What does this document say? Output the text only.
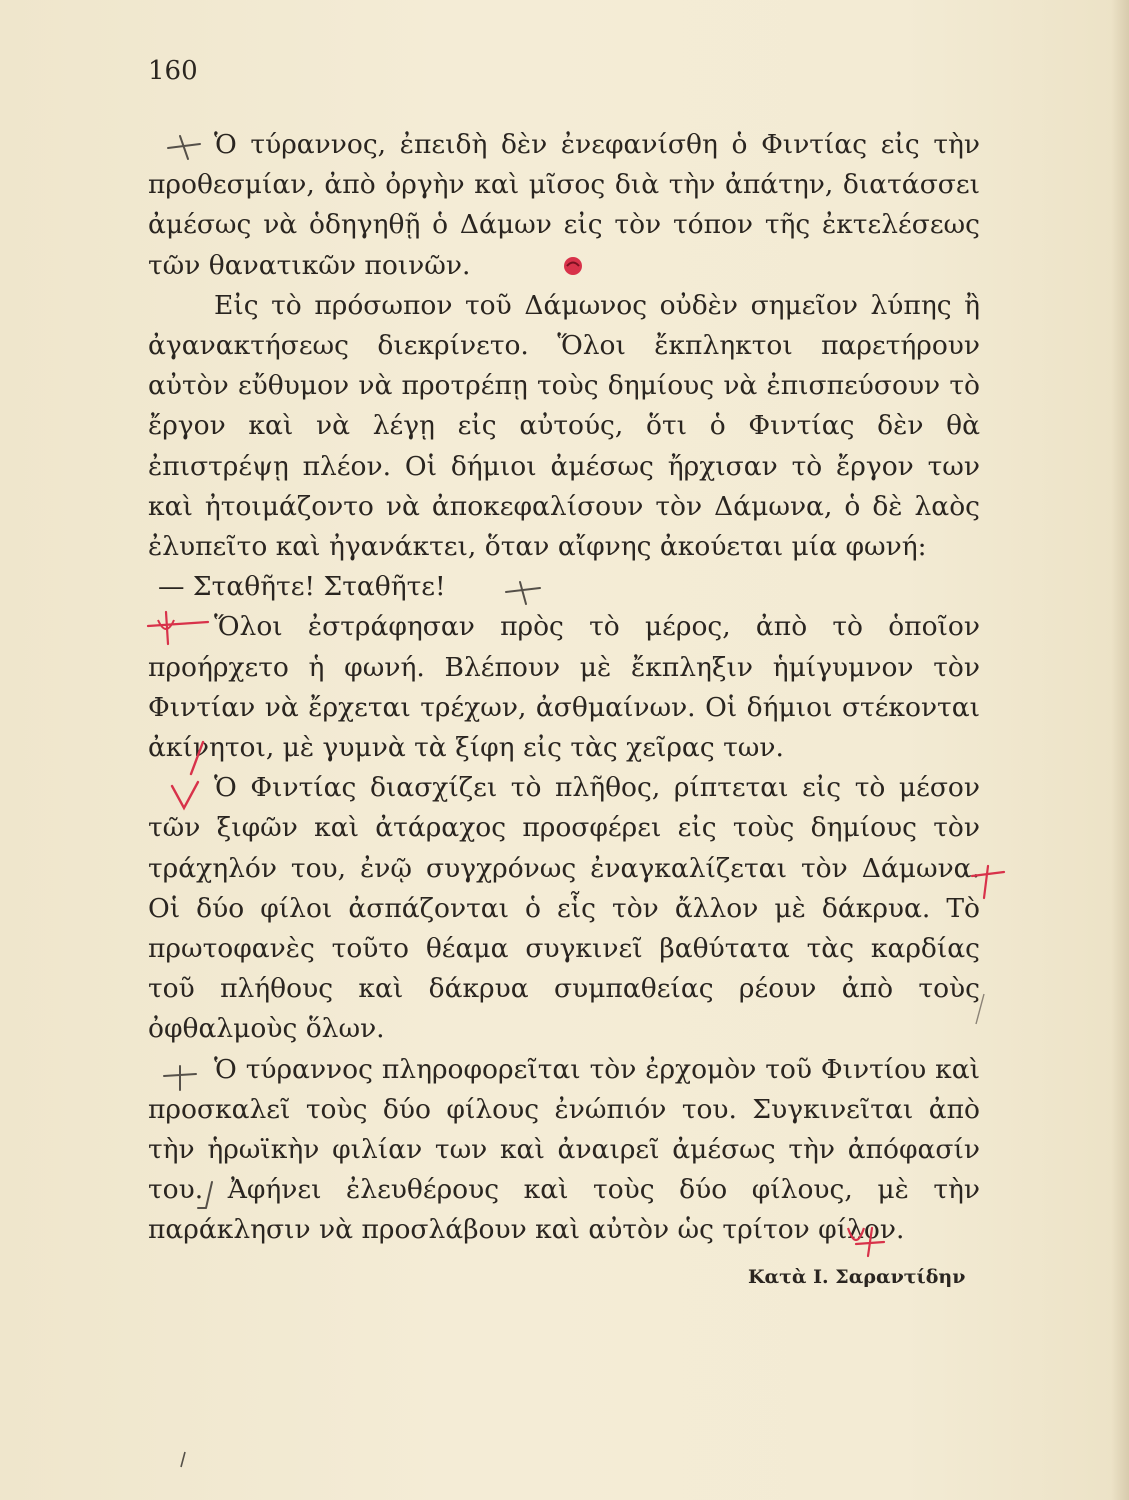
160

Ὁ τύραννος, ἐπειδὴ δὲν ἐνεφανίσθη ὁ Φιντίας εἰς τὴν προθεσμίαν, ἀπὸ ὀργὴν καὶ μῖσος διὰ τὴν ἀπάτην, διατάσσει ἀμέσως νὰ ὁδηγηθῇ ὁ Δάμων εἰς τὸν τόπον τῆς ἐκτελέσεως τῶν θανατικῶν ποινῶν.

Εἰς τὸ πρόσωπον τοῦ Δάμωνος οὐδὲν σημεῖον λύπης ἢ ἀγανακτήσεως διεκρίνετο. Ὅλοι ἔκπληκτοι παρετήρουν αὐτὸν εὔθυμον νὰ προτρέπῃ τοὺς δημίους νὰ ἐπισπεύσουν τὸ ἔργον καὶ νὰ λέγῃ εἰς αὐτούς, ὅτι ὁ Φιντίας δὲν θὰ ἐπιστρέψῃ πλέον. Οἱ δήμιοι ἀμέσως ἤρχισαν τὸ ἔργον των καὶ ἠτοιμάζοντο νὰ ἀποκεφαλίσουν τὸν Δάμωνα, ὁ δὲ λαὸς ἐλυπεῖτο καὶ ἠγανάκτει, ὅταν αἴφνης ἀκούεται μία φωνή:

— Σταθῆτε! Σταθῆτε!

Ὅλοι ἐστράφησαν πρὸς τὸ μέρος, ἀπὸ τὸ ὁποῖον προήρχετο ἡ φωνή. Βλέπουν μὲ ἔκπληξιν ἡμίγυμνον τὸν Φιντίαν νὰ ἔρχεται τρέχων, ἀσθμαίνων. Οἱ δήμιοι στέκονται ἀκίνητοι, μὲ γυμνὰ τὰ ξίφη εἰς τὰς χεῖρας των.

Ὁ Φιντίας διασχίζει τὸ πλῆθος, ρίπτεται εἰς τὸ μέσον τῶν ξιφῶν καὶ ἀτάραχος προσφέρει εἰς τοὺς δημίους τὸν τράχηλόν του, ἐνῷ συγχρόνως ἐναγκαλίζεται τὸν Δάμωνα. Οἱ δύο φίλοι ἀσπάζονται ὁ εἷς τὸν ἄλλον μὲ δάκρυα. Τὸ πρωτοφανὲς τοῦτο θέαμα συγκινεῖ βαθύτατα τὰς καρδίας τοῦ πλήθους καὶ δάκρυα συμπαθείας ρέουν ἀπὸ τοὺς ὀφθαλμοὺς ὅλων.

Ὁ τύραννος πληροφορεῖται τὸν ἐρχομὸν τοῦ Φιντίου καὶ προσκαλεῖ τοὺς δύο φίλους ἐνώπιόν του. Συγκινεῖται ἀπὸ τὴν ἡρωϊκὴν φιλίαν των καὶ ἀναιρεῖ ἀμέσως τὴν ἀπόφασίν του. Ἀφήνει ἐλευθέρους καὶ τοὺς δύο φίλους, μὲ τὴν παράκλησιν νὰ προσλάβουν καὶ αὐτὸν ὡς τρίτον φίλον.

Κατὰ Ι. Σαραντίδην
